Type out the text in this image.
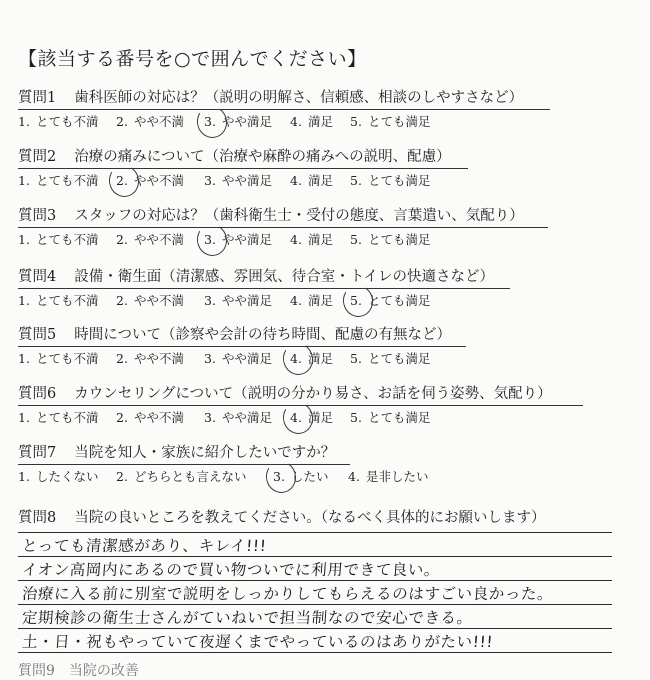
【該当する番号を○で囲んでください】
質問1 歯科医師の対応は？（説明の明解さ、信頼感、相談のしやすさなど）
1. とても不満 2. やや不満 3. やや満足 4. 満足 5. とても満足
質問2 治療の痛みについて（治療や麻酔の痛みへの説明、配慮）
1. とても不満 2. やや不満 3. やや満足 4. 満足 5. とても満足
質問3 スタッフの対応は？（歯科衛生士・受付の態度、言葉遣い、気配り）
1. とても不満 2. やや不満 3. やや満足 4. 満足 5. とても満足
質問4 設備・衛生面（清潔感、雰囲気、待合室・トイレの快適さなど）
1. とても不満 2. やや不満 3. やや満足 4. 満足 5. とても満足
質問5 時間について（診察や会計の待ち時間、配慮の有無など）
1. とても不満 2. やや不満 3. やや満足 4. 満足 5. とても満足
質問6 カウンセリングについて（説明の分かり易さ、お話を伺う姿勢、気配り）
1. とても不満 2. やや不満 3. やや満足 4. 満足 5. とても満足
質問7 当院を知人・家族に紹介したいですか？
1. したくない 2. どちらとも言えない 3. したい 4. 是非したい
質問8 当院の良いところを教えてください。（なるべく具体的にお願いします）
とっても清潔感があり、キレイ!!!
イオン高岡内にあるので買い物ついでに利用できて良い。
治療に入る前に別室で説明をしっかりしてもらえるのはすごい良かった。
定期検診の衛生士さんがていねいで担当制なので安心できる。
土・日・祝もやっていて夜遅くまでやっているのはありがたい!!!
質問9　当院の改善
